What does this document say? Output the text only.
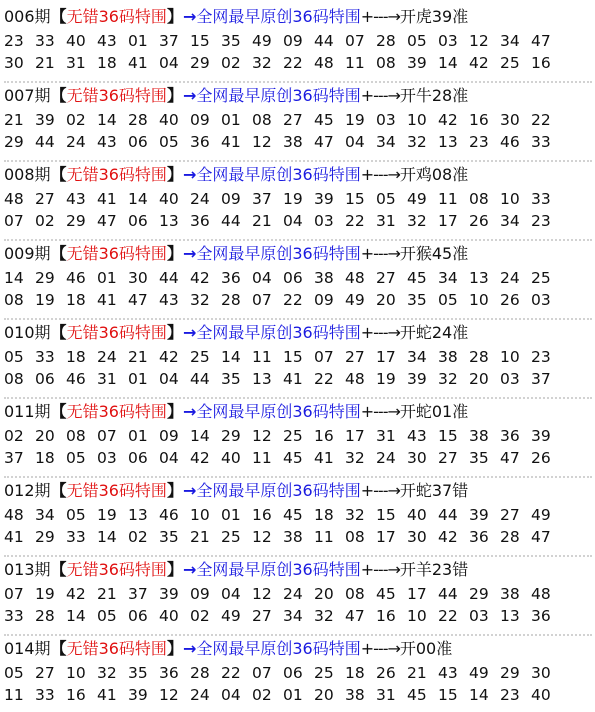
006期【无错36码特围】→全网最早原创36码特围+---→开虎39准
23 33 40 43 01 37 15 35 49 09 44 07 28 05 03 12 34 47
30 21 31 18 41 04 29 02 32 22 48 11 08 39 14 42 25 16
007期【无错36码特围】→全网最早原创36码特围+---→开牛28准
21 39 02 14 28 40 09 01 08 27 45 19 03 10 42 16 30 22
29 44 24 43 06 05 36 41 12 38 47 04 34 32 13 23 46 33
008期【无错36码特围】→全网最早原创36码特围+---→开鸡08准
48 27 43 41 14 40 24 09 37 19 39 15 05 49 11 08 10 33
07 02 29 47 06 13 36 44 21 04 03 22 31 32 17 26 34 23
009期【无错36码特围】→全网最早原创36码特围+---→开猴45准
14 29 46 01 30 44 42 36 04 06 38 48 27 45 34 13 24 25
08 19 18 41 47 43 32 28 07 22 09 49 20 35 05 10 26 03
010期【无错36码特围】→全网最早原创36码特围+---→开蛇24准
05 33 18 24 21 42 25 14 11 15 07 27 17 34 38 28 10 23
08 06 46 31 01 04 44 35 13 41 22 48 19 39 32 20 03 37
011期【无错36码特围】→全网最早原创36码特围+---→开蛇01准
02 20 08 07 01 09 14 29 12 25 16 17 31 43 15 38 36 39
37 18 05 03 06 04 42 40 11 45 41 32 24 30 27 35 47 26
012期【无错36码特围】→全网最早原创36码特围+---→开蛇37错
48 34 05 19 13 46 10 01 16 45 18 32 15 40 44 39 27 49
41 29 33 14 02 35 21 25 12 38 11 08 17 30 42 36 28 47
013期【无错36码特围】→全网最早原创36码特围+---→开羊23错
07 19 42 21 37 39 09 04 12 24 20 08 45 17 44 29 38 48
33 28 14 05 06 40 02 49 27 34 32 47 16 10 22 03 13 36
014期【无错36码特围】→全网最早原创36码特围+---→开00准
05 27 10 32 35 36 28 22 07 06 25 18 26 21 43 49 29 30
11 33 16 41 39 12 24 04 02 01 20 38 31 45 15 14 23 40
